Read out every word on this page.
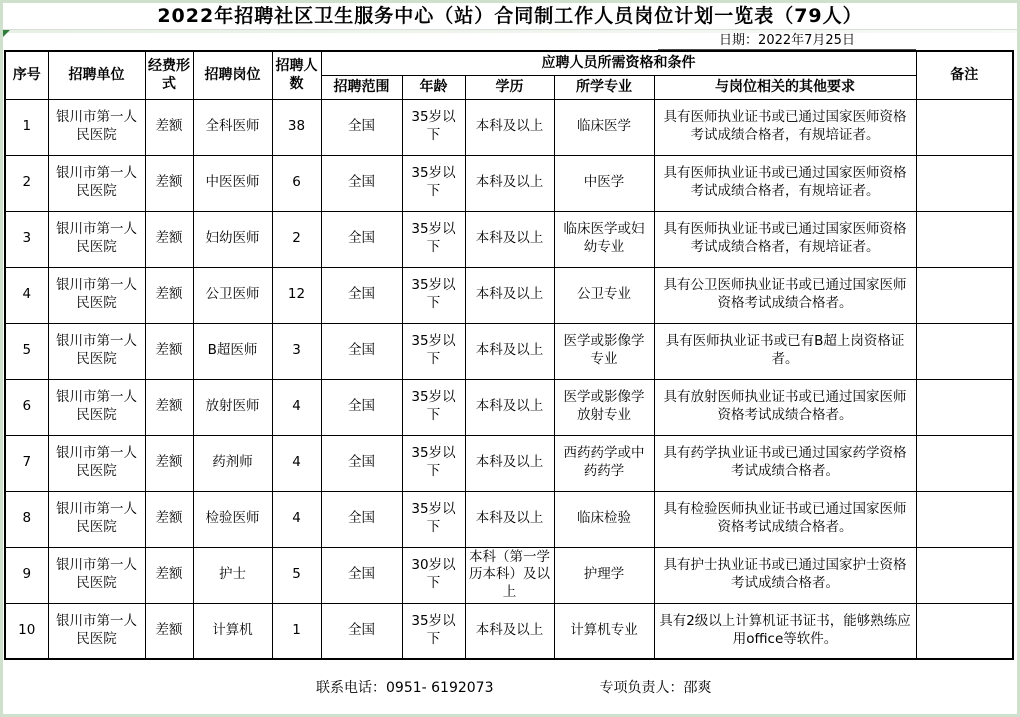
2022年招聘社区卫生服务中心（站）合同制工作人员岗位计划一览表（79人）
日期：2022年7月25日
序号	招聘单位	经费形式	招聘岗位	招聘人数	应聘人员所需资格和条件					备注
					招聘范围	年龄	学历	所学专业	与岗位相关的其他要求	
1	银川市第一人民医院	差额	全科医师	38	全国	35岁以下	本科及以上	临床医学	具有医师执业证书或已通过国家医师资格考试成绩合格者，有规培证者。	
2	银川市第一人民医院	差额	中医医师	6	全国	35岁以下	本科及以上	中医学	具有医师执业证书或已通过国家医师资格考试成绩合格者，有规培证者。	
3	银川市第一人民医院	差额	妇幼医师	2	全国	35岁以下	本科及以上	临床医学或妇幼专业	具有医师执业证书或已通过国家医师资格考试成绩合格者，有规培证者。	
4	银川市第一人民医院	差额	公卫医师	12	全国	35岁以下	本科及以上	公卫专业	具有公卫医师执业证书或已通过国家医师资格考试成绩合格者。	
5	银川市第一人民医院	差额	B超医师	3	全国	35岁以下	本科及以上	医学或影像学专业	具有医师执业证书或已有B超上岗资格证者。	
6	银川市第一人民医院	差额	放射医师	4	全国	35岁以下	本科及以上	医学或影像学放射专业	具有放射医师执业证书或已通过国家医师资格考试成绩合格者。	
7	银川市第一人民医院	差额	药剂师	4	全国	35岁以下	本科及以上	西药药学或中药药学	具有药学执业证书或已通过国家药学资格考试成绩合格者。	
8	银川市第一人民医院	差额	检验医师	4	全国	35岁以下	本科及以上	临床检验	具有检验医师执业证书或已通过国家医师资格考试成绩合格者。	
9	银川市第一人民医院	差额	护士	5	全国	30岁以下	本科（第一学历本科）及以上	护理学	具有护士执业证书或已通过国家护士资格考试成绩合格者。	
10	银川市第一人民医院	差额	计算机	1	全国	35岁以下	本科及以上	计算机专业	具有2级以上计算机证书证书，能够熟练应用office等软件。	
联系电话：0951- 6192073	专项负责人：邵爽
